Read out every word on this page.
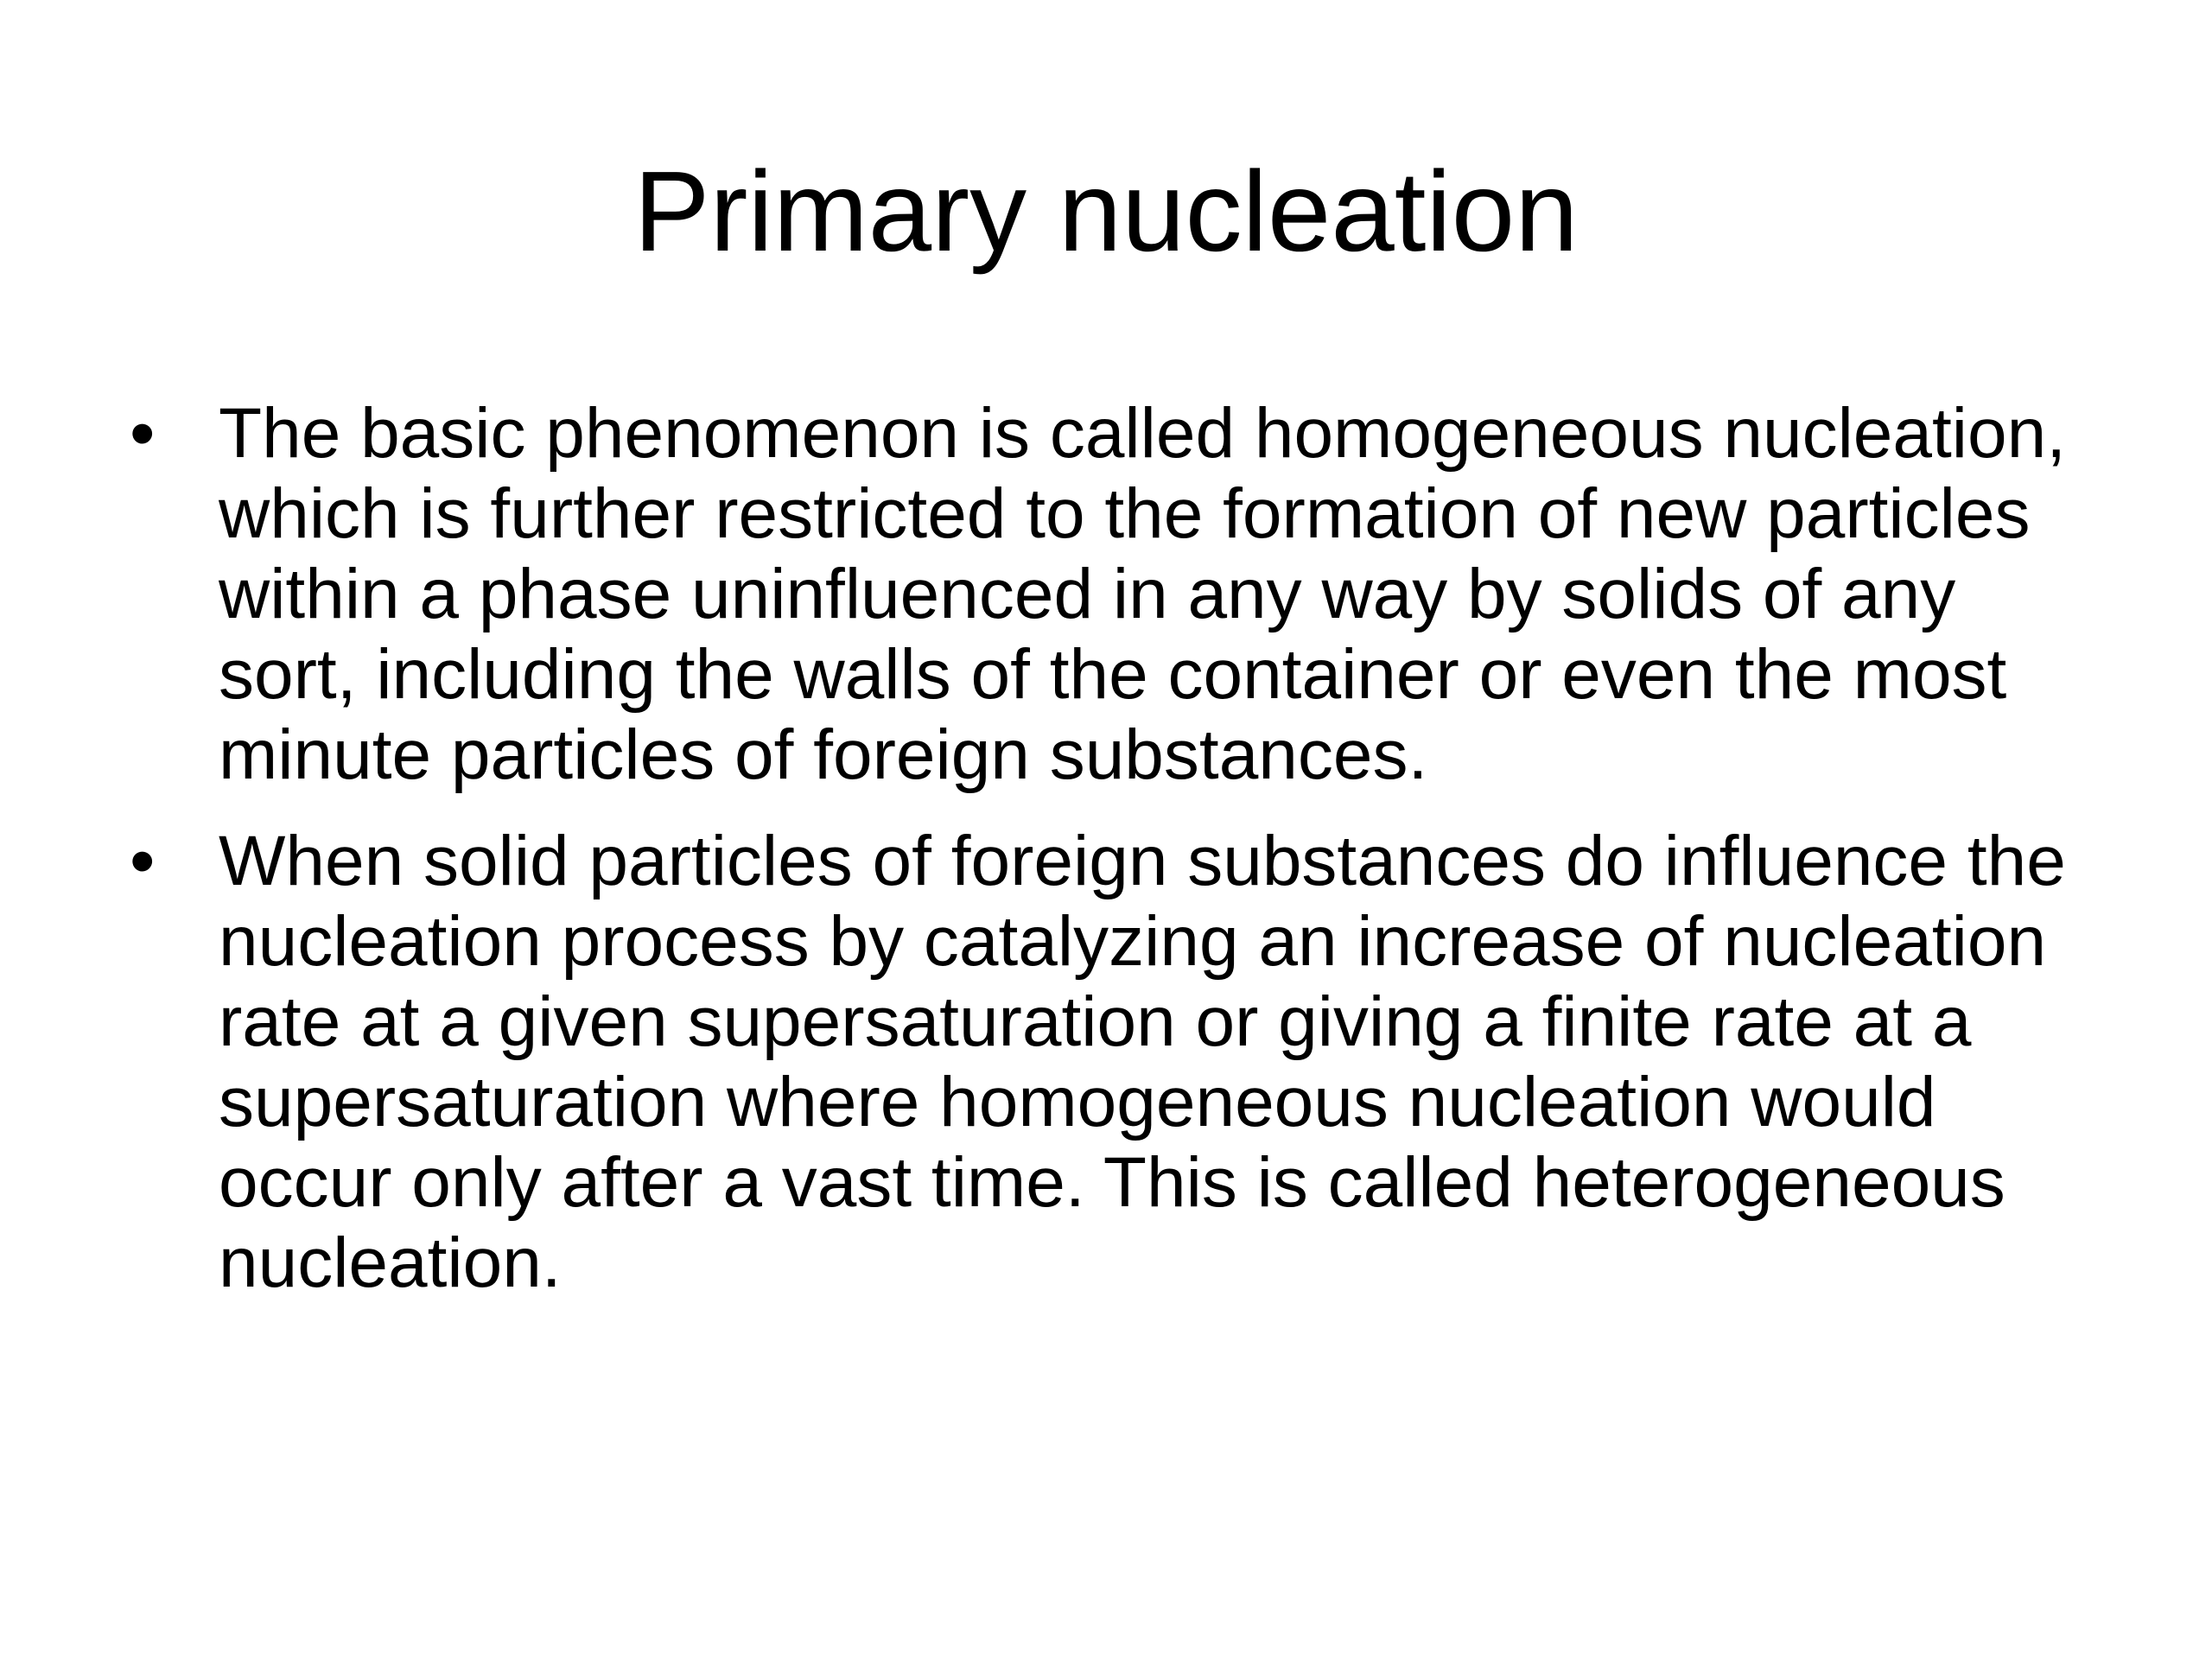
Primary nucleation
• The basic phenomenon is called homogeneous nucleation, which is further restricted to the formation of new particles within a phase uninfluenced in any way by solids of any sort, including the walls of the container or even the most minute particles of foreign substances.
• When solid particles of foreign substances do influence the nucleation process by catalyzing an increase of nucleation rate at a given supersaturation or giving a finite rate at a supersaturation where homogeneous nucleation would occur only after a vast time. This is called heterogeneous nucleation.
